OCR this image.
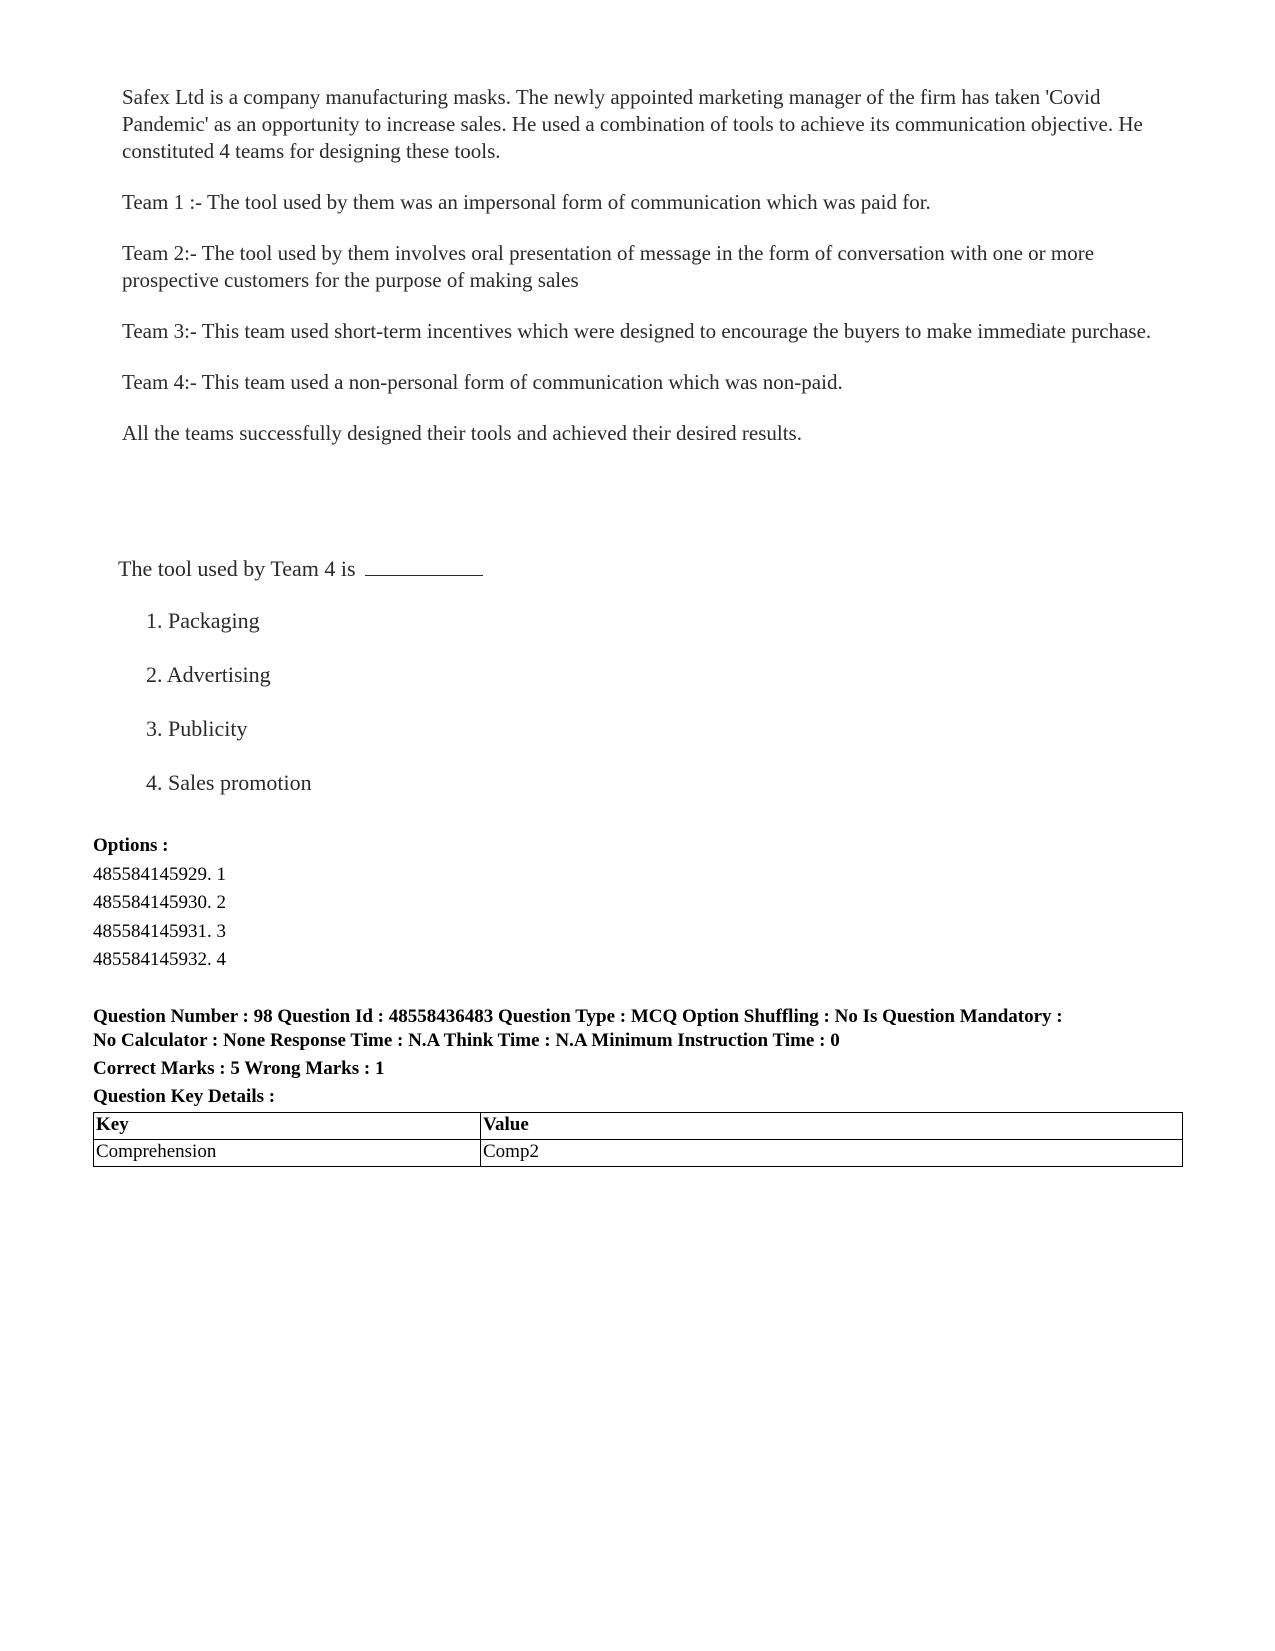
Safex Ltd is a company manufacturing masks. The newly appointed marketing manager of the firm has taken 'Covid Pandemic' as an opportunity to increase sales. He used a combination of tools to achieve its communication objective. He constituted 4 teams for designing these tools.

Team 1 :- The tool used by them was an impersonal form of communication which was paid for.

Team 2:- The tool used by them involves oral presentation of message in the form of conversation with one or more prospective customers for the purpose of making sales

Team 3:- This team used short-term incentives which were designed to encourage the buyers to make immediate purchase.

Team 4:- This team used a non-personal form of communication which was non-paid.

All the teams successfully designed their tools and achieved their desired results.

The tool used by Team 4 is
1. Packaging
2. Advertising
3. Publicity
4. Sales promotion
Options :
485584145929. 1
485584145930. 2
485584145931. 3
485584145932. 4
Question Number : 98 Question Id : 48558436483 Question Type : MCQ Option Shuffling : No Is Question Mandatory :
No Calculator : None Response Time : N.A Think Time : N.A Minimum Instruction Time : 0
Correct Marks : 5 Wrong Marks : 1
Question Key Details :
Key	Value
Comprehension	Comp2
